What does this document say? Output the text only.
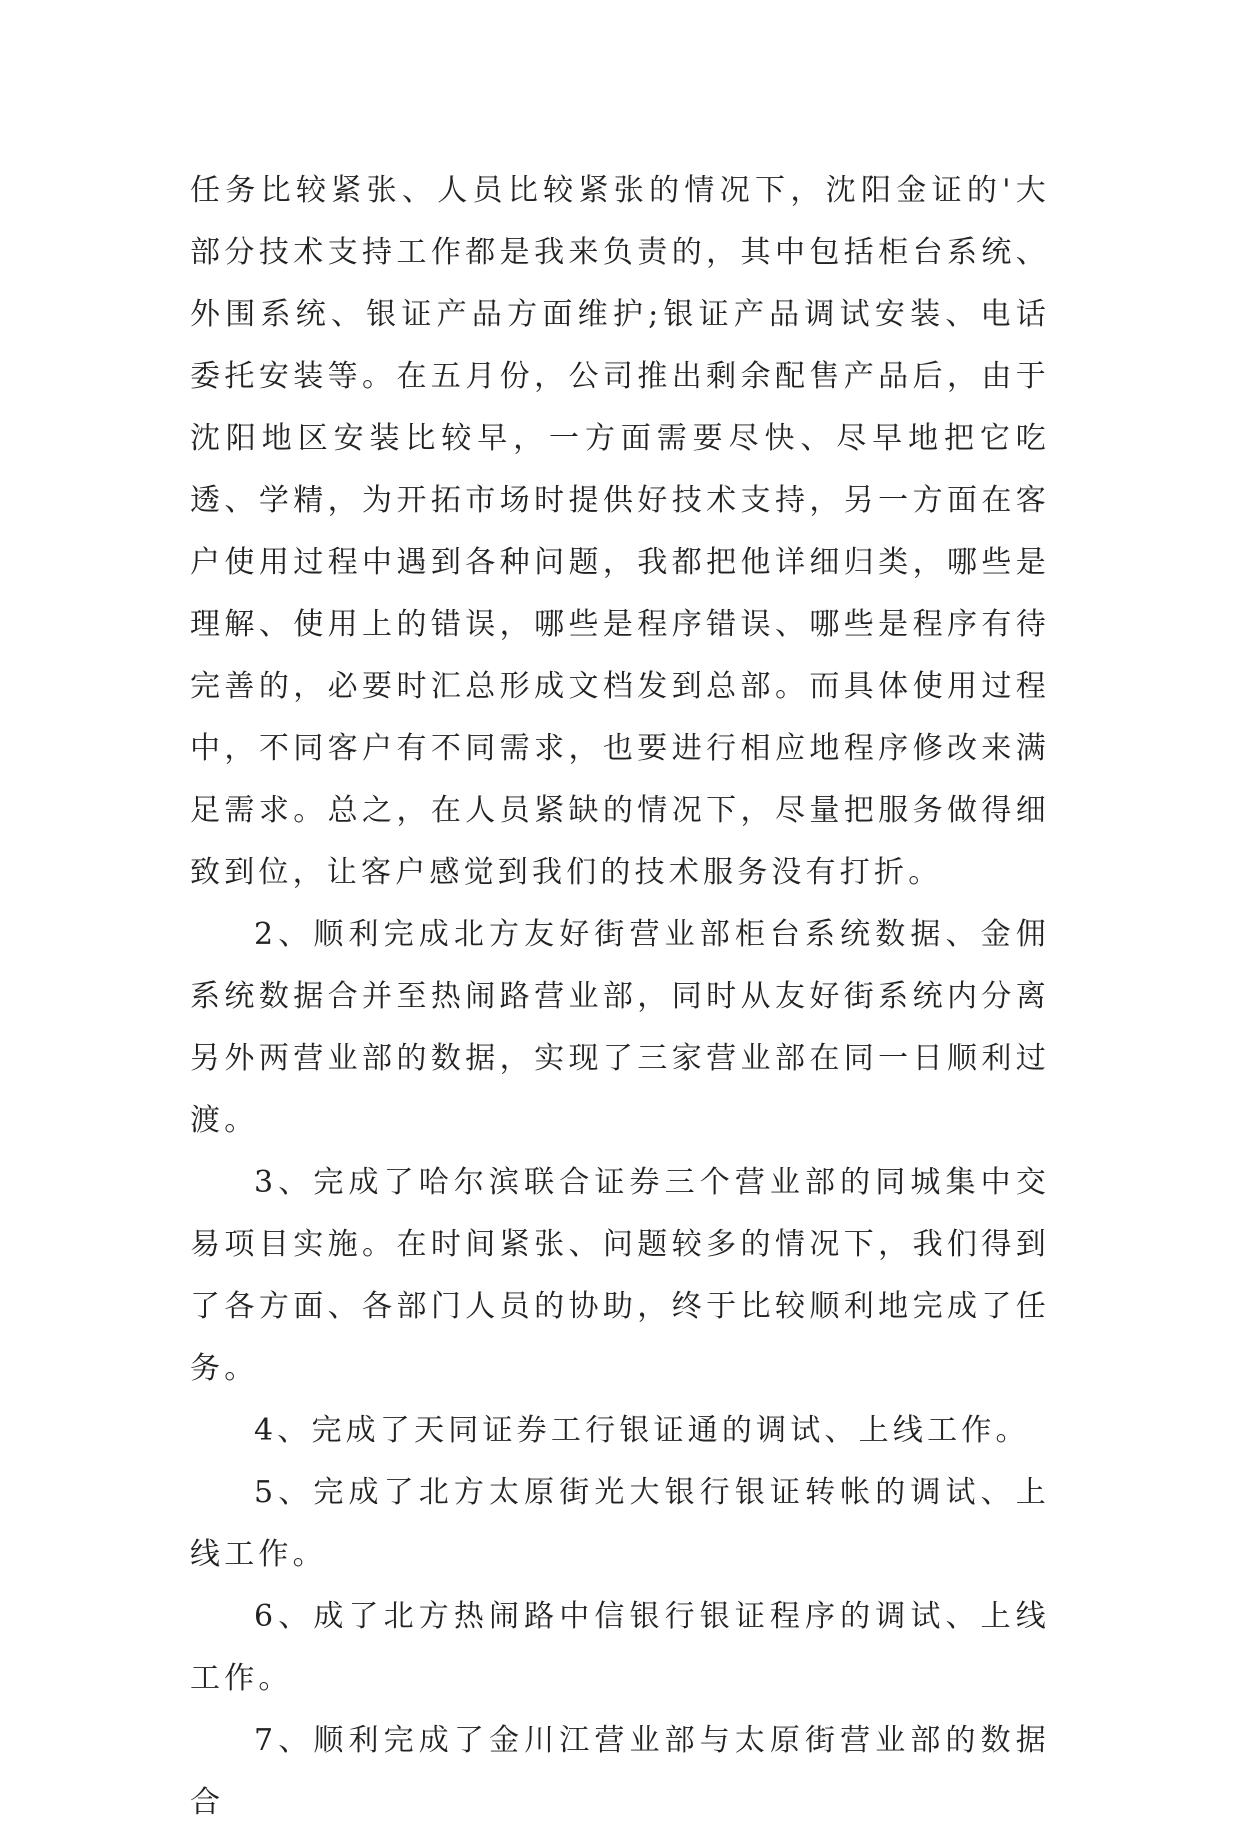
任务比较紧张、人员比较紧张的情况下，沈阳金证的'大部分技术支持工作都是我来负责的，其中包括柜台系统、外围系统、银证产品方面维护;银证产品调试安装、电话委托安装等。在五月份，公司推出剩余配售产品后，由于沈阳地区安装比较早，一方面需要尽快、尽早地把它吃透、学精，为开拓市场时提供好技术支持，另一方面在客户使用过程中遇到各种问题，我都把他详细归类，哪些是理解、使用上的错误，哪些是程序错误、哪些是程序有待完善的，必要时汇总形成文档发到总部。而具体使用过程中，不同客户有不同需求，也要进行相应地程序修改来满足需求。总之，在人员紧缺的情况下，尽量把服务做得细致到位，让客户感觉到我们的技术服务没有打折。

2、顺利完成北方友好街营业部柜台系统数据、金佣系统数据合并至热闹路营业部，同时从友好街系统内分离另外两营业部的数据，实现了三家营业部在同一日顺利过渡。

3、完成了哈尔滨联合证券三个营业部的同城集中交易项目实施。在时间紧张、问题较多的情况下，我们得到了各方面、各部门人员的协助，终于比较顺利地完成了任务。

4、完成了天同证券工行银证通的调试、上线工作。

5、完成了北方太原街光大银行银证转帐的调试、上线工作。

6、成了北方热闹路中信银行银证程序的调试、上线工作。

7、顺利完成了金川江营业部与太原街营业部的数据合
